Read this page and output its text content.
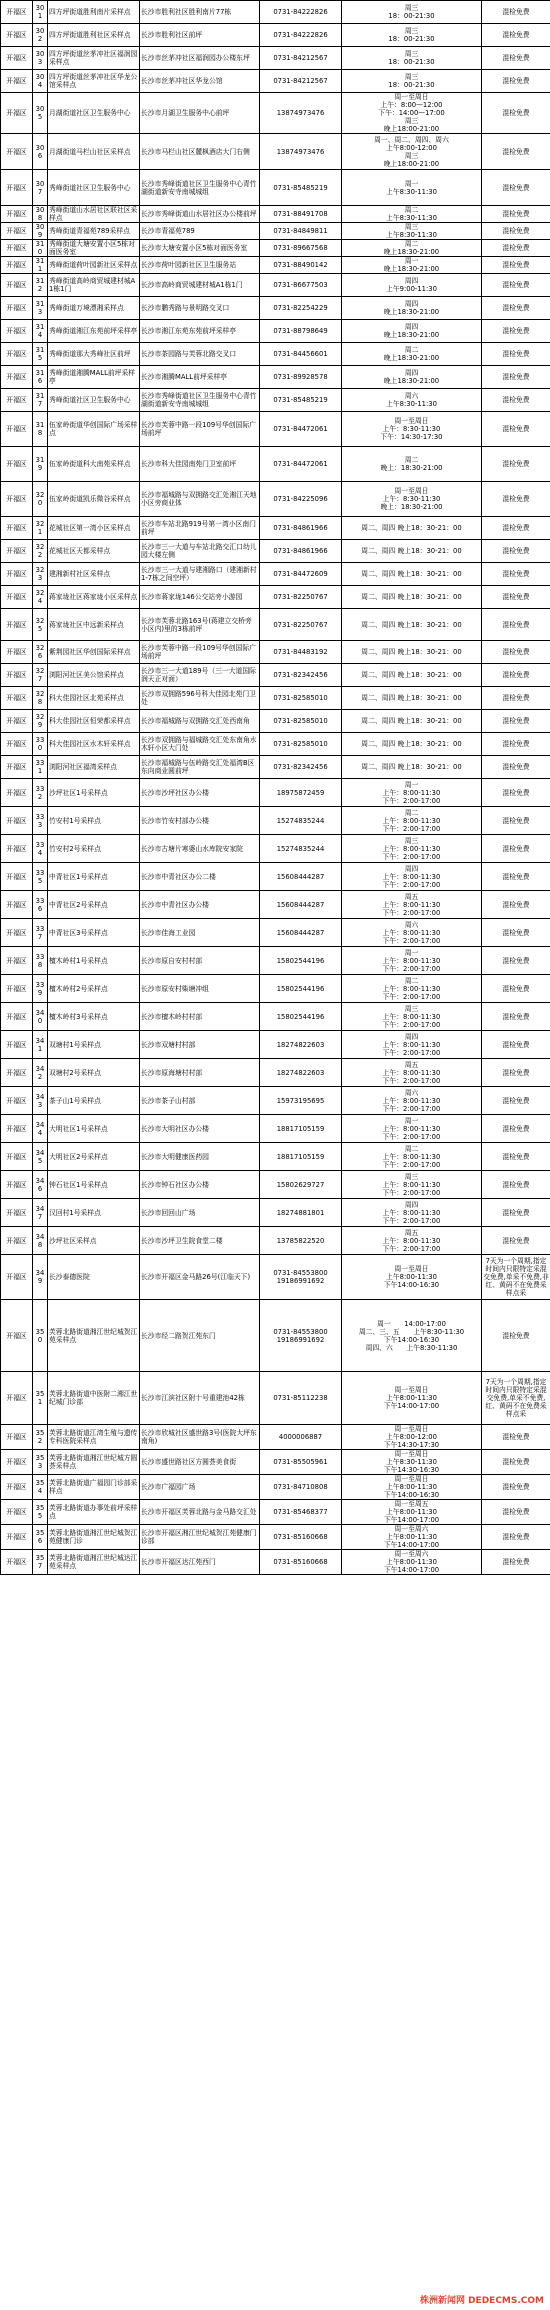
开福区	301	四方坪街道胜利南片采样点	长沙市胜利社区胜利南片77栋	0731-84222826	周三
18：00-21:30	混检免费
开福区	302	四方坪街道胜利社区采样点	长沙市胜利社区前坪	0731-84222826	周三
18：00-21:30	混检免费
开福区	303	四方坪街道丝茅冲社区福润园采样点	长沙市丝茅冲社区福润园办公楼东坪	0731-84212567	周三
18：00-21:30	混检免费
开福区	304	四方坪街道丝茅冲社区华龙公馆采样点	长沙市丝茅冲社区华龙公馆	0731-84212567	周三
18：00-21:30	混检免费
开福区	305	月湖街道社区卫生服务中心	长沙市月湖卫生服务中心前坪	13874973476	周一至周日
上午：8:00—12:00
下午：14:00—17:00
周三
晚上18:00-21:00	混检免费
开福区	306	月湖街道马栏山社区采样点	长沙市马栏山社区麓枫酒店大门右侧	13874973476	周一、周二、周四、周六
上午8:00-12:00
周三
晚上18:00-21:00	混检免费
开福区	307	秀峰街道社区卫生服务中心	长沙市秀峰街道社区卫生服务中心青竹湖街道新安寺南城城组	0731-85485219	周一
上午8:30-11:30	混检免费
开福区	308	秀峰街道山水居社区联社区采样点	长沙市秀峰街道山水居社区办公楼前坪	0731-88491708	周二
上午8:30-11:30	混检免费
开福区	309	秀峰街道青福苑789采样点	长沙市青福苑789	0731-84849811	周三
上午8:30-11:30	混检免费
开福区	310	秀峰街道大塘安置小区5栋对面医务室	长沙市大塘安置小区5栋对面医务室	0731-89667568	周二
晚上18:30-21:00	混检免费
开福区	311	秀峰街道荷叶园新社区采样点	长沙市荷叶园新社区卫生服务站	0731-88490142	周一
晚上18:30-21:00	混检免费
开福区	312	秀峰街道高岭商贸城建材城A1栋1门	长沙市高岭商贸城建材城A1栋1门	0731-86677503	周四
上午9:00-11:30	混检免费
开福区	313	秀峰街道万境漂湘采样点	长沙市鹏秀路与景明路交叉口	0731-82254229	周四
晚上18:30-21:00	混检免费
开福区	314	秀峰街道湘江东苑前坪采样亭	长沙市湘江东苑东苑前坪采样亭	0731-88798649	周四
晚上18:30-21:00	混检免费
开福区	315	秀峰街道那大秀峰社区前坪	长沙市茶园路与芙蓉北路交叉口	0731-84456601	周二
晚上18:30-21:00	混检免费
开福区	316	秀峰街道湘腾MALL前坪采样亭	长沙市湘腾MALL前坪采样亭	0731-89928578	周四
晚上18:30-21:00	混检免费
开福区	317	秀峰街道社区卫生服务中心	长沙市秀峰街道社区卫生服务中心青竹湖街道新安寺南城城组	0731-85485219	周六
上午8:30-11:30	混检免费
开福区	318	伍家岭街道华创国际广场采样点	长沙市芙蓉中路一段109号华创国际广场前坪	0731-84472061	周一至周日
上午：8:30-11:30
下午：14:30-17:30	混检免费
开福区	319	伍家岭街道科大南苑采样点	长沙市科大佳园南苑门卫室前坪	0731-84472061	周二
晚上：18:30-21:00	混检免费
开福区	320	伍家岭街道凯乐微谷采样点	长沙市福城路与双拥路交汇处湘江天地小区旁商业体	0731-84225096	周一至周日
上午：8:30-11:30
晚上：18:30-21:00	混检免费
开福区	321	花城社区第一湾小区采样点	长沙市车站北路919号第一湾小区南门前坪	0731-84861966	周二、周四 晚上18：30-21：00	混检免费
开福区	322	花城社区天都采样点	长沙市三一大道与车站北路交汇口幼儿园大楼左侧	0731-84861966	周二、周四 晚上18：30-21：00	混检免费
开福区	323	建湘新村社区采样点	长沙市三一大道与建湘路口（建湘新村1-7栋之间空坪）	0731-84472609	周二、周四 晚上18：30-21：00	混检免费
开福区	324	蒋家垅社区蒋家垅小区采样点	长沙市蒋家垅146公交站旁小游园	0731-82250767	周二、周四 晚上18：30-21：00	混检免费
开福区	325	蒋家垅社区中远新采样点	长沙市芙蓉北路163号(蒋建立交桥旁小区内)里的3栋前坪	0731-82250767	周二、周四 晚上18：30-21：00	混检免费
开福区	326	紫荆园社区华创国际采样点	长沙市芙蓉中路一段109号华创国际广场前坪	0731-84483192	周二、周四 晚上18：30-21：00	混检免费
开福区	327	浏阳河社区美公馆采样点	长沙市三一大道189号（三一大道国际润天正对面）	0731-82342456	周二、周四 晚上18：30-21：00	混检免费
开福区	328	科大佳园社区北苑采样点	长沙市双拥路596号科大佳园北苑门卫处	0731-82585010	周二、周四 晚上18：30-21：00	混检免费
开福区	329	科大佳园社区恒荣都采样点	长沙市福城路与双拥路交汇处西南角	0731-82585010	周二、周四 晚上18：30-21：00	混检免费
开福区	330	科大佳园社区水木轩采样点	长沙市双拥路与福城路交汇处东南角水木轩小区大门处	0731-82585010	周二、周四 晚上18：30-21：00	混检免费
开福区	331	浏阳河社区福湾采样点	长沙市福城路与伍岭路交汇处福湾B区东向商业圆前坪	0731-82342456	周二、周四 晚上18：30-21：00	混检免费
开福区	332	沙坪社区1号采样点	长沙市沙坪社区办公楼	18975872459	周一
上午：8:00-11:30
下午：2:00-17:00	混检免费
开福区	333	竹安村1号采样点	长沙市竹安村部办公楼	15274835244	周二
上午：8:00-11:30
下午：2:00-17:00	混检免费
开福区	334	竹安村2号采样点	长沙市古塘片寒婆山水库院安家院	15274835244	周三
上午：8:00-11:30
下午：2:00-17:00	混检免费
开福区	335	中青社区1号采样点	长沙市中青社区办公二楼	15608444287	周四
上午：8:00-11:30
下午：2:00-17:00	混检免费
开福区	336	中青社区2号采样点	长沙市中青社区办公楼	15608444287	周五
上午：8:00-11:30
下午：2:00-17:00	混检免费
开福区	337	中青社区3号采样点	长沙市佳海工业园	15608444287	周六
上午：8:00-11:30
下午：2:00-17:00	混检免费
开福区	338	檀木岭村1号采样点	长沙市原自安村村部	15802544196	周一
上午：8:00-11:30
下午：2:00-17:00	混检免费
开福区	339	檀木岭村2号采样点	长沙市原安村柴塘冲组	15802544196	周二
上午：8:00-11:30
下午：2:00-17:00	混检免费
开福区	340	檀木岭村3号采样点	长沙市檀木岭村村部	15802544196	周三
上午：8:00-11:30
下午：2:00-17:00	混检免费
开福区	341	双塘村1号采样点	长沙市双塘村村部	18274822603	周四
上午：8:00-11:30
下午：2:00-17:00	混检免费
开福区	342	双塘村2号采样点	长沙市原海塘村村部	18274822603	周五
上午：8:00-11:30
下午：2:00-17:00	混检免费
开福区	343	茶子山1号采样点	长沙市茶子山村部	15973195695	周六
上午：8:00-11:30
下午：2:00-17:00	混检免费
开福区	344	大明社区1号采样点	长沙市大明社区办公楼	18817105159	周一
上午：8:00-11:30
下午：2:00-17:00	混检免费
开福区	345	大明社区2号采样点	长沙市大明健康医药园	18817105159	周二
上午：8:00-11:30
下午：2:00-17:00	混检免费
开福区	346	钟石社区1号采样点	长沙市钟石社区办公楼	15802629727	周三
上午：8:00-11:30
下午：2:00-17:00	混检免费
开福区	347	汉回村1号采样点	长沙市回回山广场	18274881801	周四
上午：8:00-11:30
下午：2:00-17:00	混检免费
开福区	348	沙坪社区采样点	长沙市沙坪卫生院食堂二楼	13785822520	周五
上午：8:00-11:30
下午：2:00-17:00	混检免费
开福区	349	长沙泰德医院	长沙市开福区金马路26号(江临天下)	0731-84553800
19186991692	周一至周日
上午8:00-11:30
下午14:00-16:30	7天为一个周期,指定时间内只限特定采混交免费,单采不免费,非红、黄码不在免费采样点采
开福区	350	芙蓉北路街道湘江世纪城贺江苑采样点	长沙市经二路贺江苑东门	0731-84553800
19186991692	周一　　14:00-17:00
周二、三、五　　上午8:30-11:30
下午14:00-16:30
周四、六　　上午8:30-11:30	混检免费
开福区	351	芙蓉北路街道中医附二湘江世纪城门诊部	长沙市江滨社区附十号重建池42栋	0731-85112238	周一至周日
上午8:00-11:30
下午14:00-17:00	7天为一个周期,指定时间内只限特定采混交免费,单采不免费,红、黄码不在免费采样点采
开福区	352	芙蓉北路街道江湾生殖与遗传专科医院采样点	长沙市欣城社区盛世路3号(医院大坪东南角)	4000006887	周一至周日
上午8:00-12:00
下午14:30-17:30	混检免费
开福区	353	芙蓉北路街道湘江世纪城方圆荟采样点	长沙市盛世路社区方圆荟美食街	0731-85505961	周一至周日
上午8:30-11:30
下午14:30-16:30	混检免费
开福区	354	芙蓉北路街道广福园门诊部采样点	长沙市广福园广场	0731-84710808	周一至周日
上午8:00-11:30
下午14:00-16:30	混检免费
开福区	355	芙蓉北路街道办事处前坪采样点	长沙市开福区芙蓉北路与金马路交汇处	0731-85468377	周一至周五
上午8:00-11:30
下午14:00-17:00	混检免费
开福区	356	芙蓉北路街道湘江世纪城贺江苑健康门诊	长沙市开福区湘江世纪城贺江苑健康门诊部	0731-85160668	周一至周六
上午8:00-11:30
下午14:00-17:00	混检免费
开福区	357	芙蓉北路街道湘江世纪城达江苑采样点	长沙市开福区达江苑西门	0731-85160668	周一至周六
上午8:00-11:30
下午14:00-17:00	混检免费
株洲新闻网 DEDECMS.COM
